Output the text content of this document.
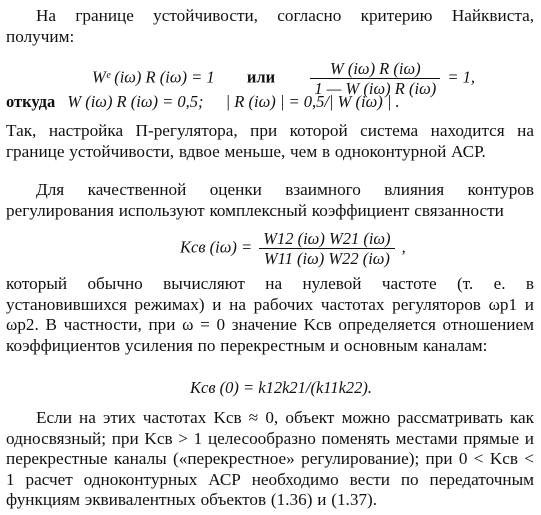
На границе устойчивости, согласно критерию Найквиста, получим:
Wᵉ (iω) R (iω) = 1 или $\frac{W (i\omega) R (i\omega)}{1 — W (i\omega) R (i\omega)} = 1$,
откуда W (iω) R (iω) = 0,5; | R (iω) | = 0,5/| W (iω) | .
Так, настройка П-регулятора, при которой система находится на границе устойчивости, вдвое меньше, чем в одноконтурной АСР.
Для качественной оценки взаимного влияния контуров регулирования используют комплексный коэффициент связанности
Kсв $(i\omega) = \frac{W12 (i\omega) W21 (i\omega)}{W11 (i\omega) W22 (i\omega)}$ ,
который обычно вычисляют на нулевой частоте (т. е. в установившихся режимах) и на рабочих частотах регуляторов ωp1 и ωp2. В частности, при ω = 0 значение Kсв определяется отношением коэффициентов усиления по перекрестным и основным каналам:
Kсв (0) = k12k21/(k11k22).
Если на этих частотах Kсв ≈ 0, объект можно рассматривать как односвязный; при Kсв > 1 целесообразно поменять местами прямые и перекрестные каналы («перекрестное» регулирование); при 0 < Kсв < 1 расчет одноконтурных АСР необходимо вести по передаточным функциям эквивалентных объектов (1.36) и (1.37).
